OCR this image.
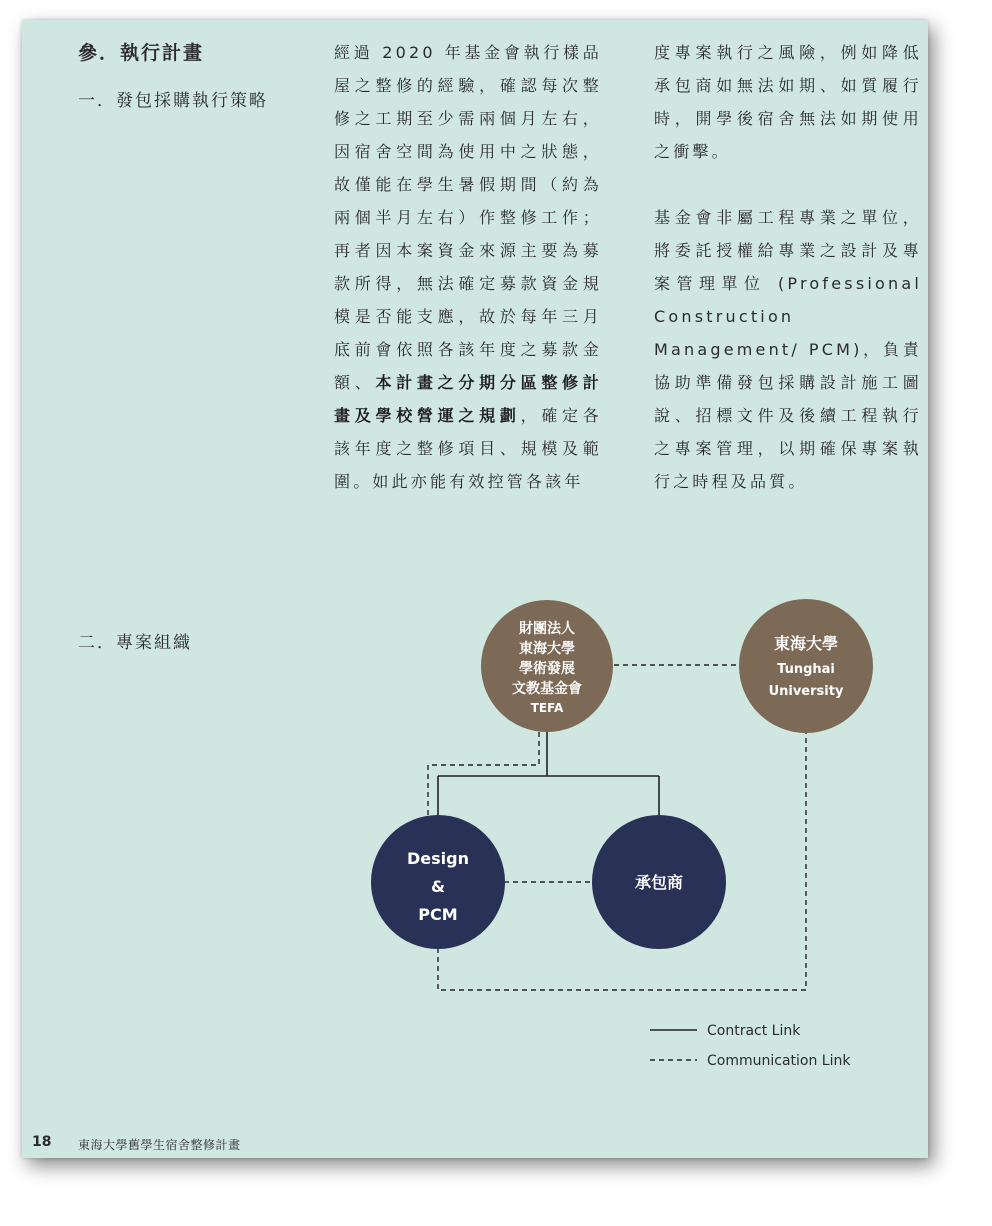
參．執行計畫
一．發包採購執行策略
二．專案組織

經過 2020 年基金會執行樣品屋之整修的經驗，確認每次整修之工期至少需兩個月左右，因宿舍空間為使用中之狀態，故僅能在學生暑假期間（約為兩個半月左右）作整修工作；再者因本案資金來源主要為募款所得，無法確定募款資金規模是否能支應，故於每年三月底前會依照各該年度之募款金額、本計畫之分期分區整修計畫及學校營運之規劃，確定各該年度之整修項目、規模及範圍。如此亦能有效控管各該年

度專案執行之風險，例如降低承包商如無法如期、如質履行時，開學後宿舍無法如期使用之衝擊。

基金會非屬工程專業之單位，將委託授權給專業之設計及專案管理單位 (Professional Construction Management/ PCM)，負責協助準備發包採購設計施工圖說、招標文件及後續工程執行之專案管理，以期確保專案執行之時程及品質。

財團法人
東海大學
學術發展
文教基金會
TEFA
東海大學
Tunghai
University
Design
&
PCM
承包商
Contract Link
Communication Link
18 東海大學舊學生宿舍整修計畫
